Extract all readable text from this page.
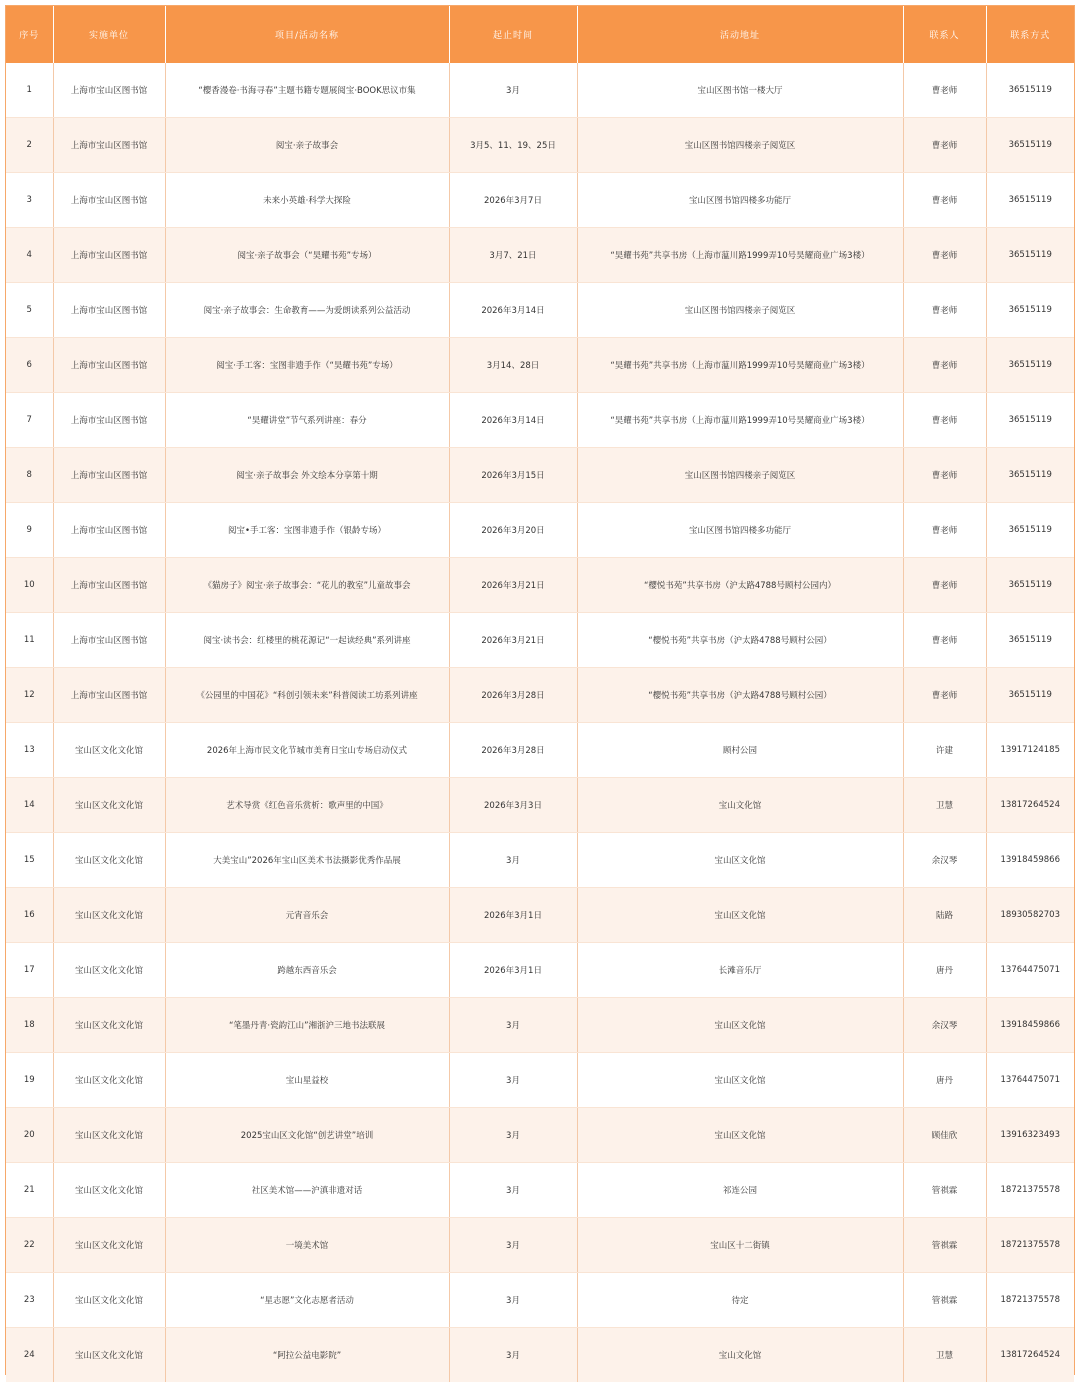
序号	实施单位	项目/活动名称	起止时间	活动地址	联系人	联系方式
1	上海市宝山区图书馆	“樱香漫卷·书海寻春”主题书籍专题展阅宝·BOOK思议市集	3月	宝山区图书馆一楼大厅	曹老师	36515119
2	上海市宝山区图书馆	阅宝·亲子故事会	3月5、11、19、25日	宝山区图书馆四楼亲子阅览区	曹老师	36515119
3	上海市宝山区图书馆	未来小英雄·科学大探险	2026年3月7日	宝山区图书馆四楼多功能厅	曹老师	36515119
4	上海市宝山区图书馆	阅宝·亲子故事会（“昊耀书苑”专场）	3月7、21日	“昊耀书苑”共享书房（上海市蕰川路1999弄10号昊耀商业广场3楼）	曹老师	36515119
5	上海市宝山区图书馆	阅宝·亲子故事会：生命教育——为爱朗读系列公益活动	2026年3月14日	宝山区图书馆四楼亲子阅览区	曹老师	36515119
6	上海市宝山区图书馆	阅宝·手工客：宝图非遗手作（“昊耀书苑”专场）	3月14、28日	“昊耀书苑”共享书房（上海市蕰川路1999弄10号昊耀商业广场3楼）	曹老师	36515119
7	上海市宝山区图书馆	“昊耀讲堂”节气系列讲座：春分	2026年3月14日	“昊耀书苑”共享书房（上海市蕰川路1999弄10号昊耀商业广场3楼）	曹老师	36515119
8	上海市宝山区图书馆	阅宝·亲子故事会 外文绘本分享第十期	2026年3月15日	宝山区图书馆四楼亲子阅览区	曹老师	36515119
9	上海市宝山区图书馆	阅宝•手工客：宝图非遗手作（银龄专场）	2026年3月20日	宝山区图书馆四楼多功能厅	曹老师	36515119
10	上海市宝山区图书馆	《猫房子》阅宝·亲子故事会：“花儿的教室”儿童故事会	2026年3月21日	“樱悦书苑”共享书房（沪太路4788号顾村公园内）	曹老师	36515119
11	上海市宝山区图书馆	阅宝·读书会：红楼里的桃花源记“一起读经典”系列讲座	2026年3月21日	“樱悦书苑”共享书房（沪太路4788号顾村公园）	曹老师	36515119
12	上海市宝山区图书馆	《公园里的中国花》“科创引领未来”科普阅读工坊系列讲座	2026年3月28日	“樱悦书苑”共享书房（沪太路4788号顾村公园）	曹老师	36515119
13	宝山区文化文化馆	2026年上海市民文化节城市美育日宝山专场启动仪式	2026年3月28日	顾村公园	许建	13917124185
14	宝山区文化文化馆	艺术导赏《红色音乐赏析：歌声里的中国》	2026年3月3日	宝山文化馆	卫慧	13817264524
15	宝山区文化文化馆	大美宝山”2026年宝山区美术书法摄影优秀作品展	3月	宝山区文化馆	余汉琴	13918459866
16	宝山区文化文化馆	元宵音乐会	2026年3月1日	宝山区文化馆	陆路	18930582703
17	宝山区文化文化馆	跨越东西音乐会	2026年3月1日	长滩音乐厅	唐丹	13764475071
18	宝山区文化文化馆	“笔墨丹青·瓷韵江山”湘浙沪三地书法联展	3月	宝山区文化馆	余汉琴	13918459866
19	宝山区文化文化馆	宝山星益校	3月	宝山区文化馆	唐丹	13764475071
20	宝山区文化文化馆	2025宝山区文化馆“创艺讲堂”培训	3月	宝山区文化馆	顾佳欣	13916323493
21	宝山区文化文化馆	社区美术馆——沪滇非遗对话	3月	祁连公园	管祺霖	18721375578
22	宝山区文化文化馆	一境美术馆	3月	宝山区十二街镇	管祺霖	18721375578
23	宝山区文化文化馆	“星志愿”文化志愿者活动	3月	待定	管祺霖	18721375578
24	宝山区文化文化馆	“阿拉公益电影院”	3月	宝山文化馆	卫慧	13817264524
